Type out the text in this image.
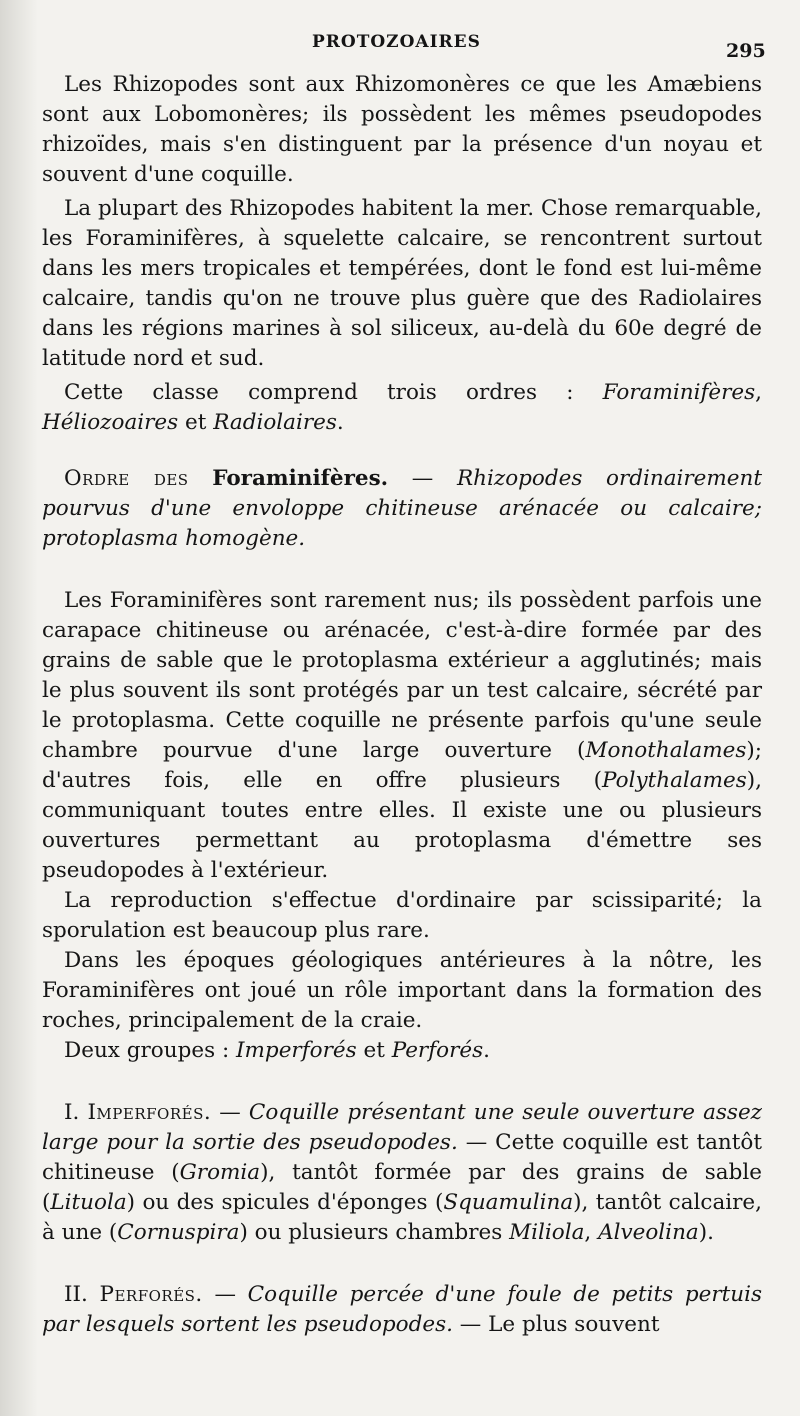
PROTOZOAIRES	295

Les Rhizopodes sont aux Rhizomonères ce que les Amæbiens sont aux Lobomonères; ils possèdent les mêmes pseudopodes rhizoïdes, mais s'en distinguent par la présence d'un noyau et souvent d'une coquille.

La plupart des Rhizopodes habitent la mer. Chose remarquable, les Foraminifères, à squelette calcaire, se rencontrent surtout dans les mers tropicales et tempérées, dont le fond est lui-même calcaire, tandis qu'on ne trouve plus guère que des Radiolaires dans les régions marines à sol siliceux, au-delà du 60e degré de latitude nord et sud.

Cette classe comprend trois ordres : Foraminifères, Héliozoaires et Radiolaires.

Ordre des Foraminifères. — Rhizopodes ordinairement pourvus d'une envoloppe chitineuse arénacée ou calcaire; protoplasma homogène.

Les Foraminifères sont rarement nus; ils possèdent parfois une carapace chitineuse ou arénacée, c'est-à-dire formée par des grains de sable que le protoplasma extérieur a agglutinés; mais le plus souvent ils sont protégés par un test calcaire, sécrété par le protoplasma. Cette coquille ne présente parfois qu'une seule chambre pourvue d'une large ouverture (Monothalames); d'autres fois, elle en offre plusieurs (Polythalames), communiquant toutes entre elles. Il existe une ou plusieurs ouvertures permettant au protoplasma d'émettre ses pseudopodes à l'extérieur.

La reproduction s'effectue d'ordinaire par scissiparité; la sporulation est beaucoup plus rare.

Dans les époques géologiques antérieures à la nôtre, les Foraminifères ont joué un rôle important dans la formation des roches, principalement de la craie.

Deux groupes : Imperforés et Perforés.

I. Imperforés. — Coquille présentant une seule ouverture assez large pour la sortie des pseudopodes. — Cette coquille est tantôt chitineuse (Gromia), tantôt formée par des grains de sable (Lituola) ou des spicules d'éponges (Squamulina), tantôt calcaire, à une (Cornuspira) ou plusieurs chambres Miliola, Alveolina).

II. Perforés. — Coquille percée d'une foule de petits pertuis par lesquels sortent les pseudopodes. — Le plus souvent
